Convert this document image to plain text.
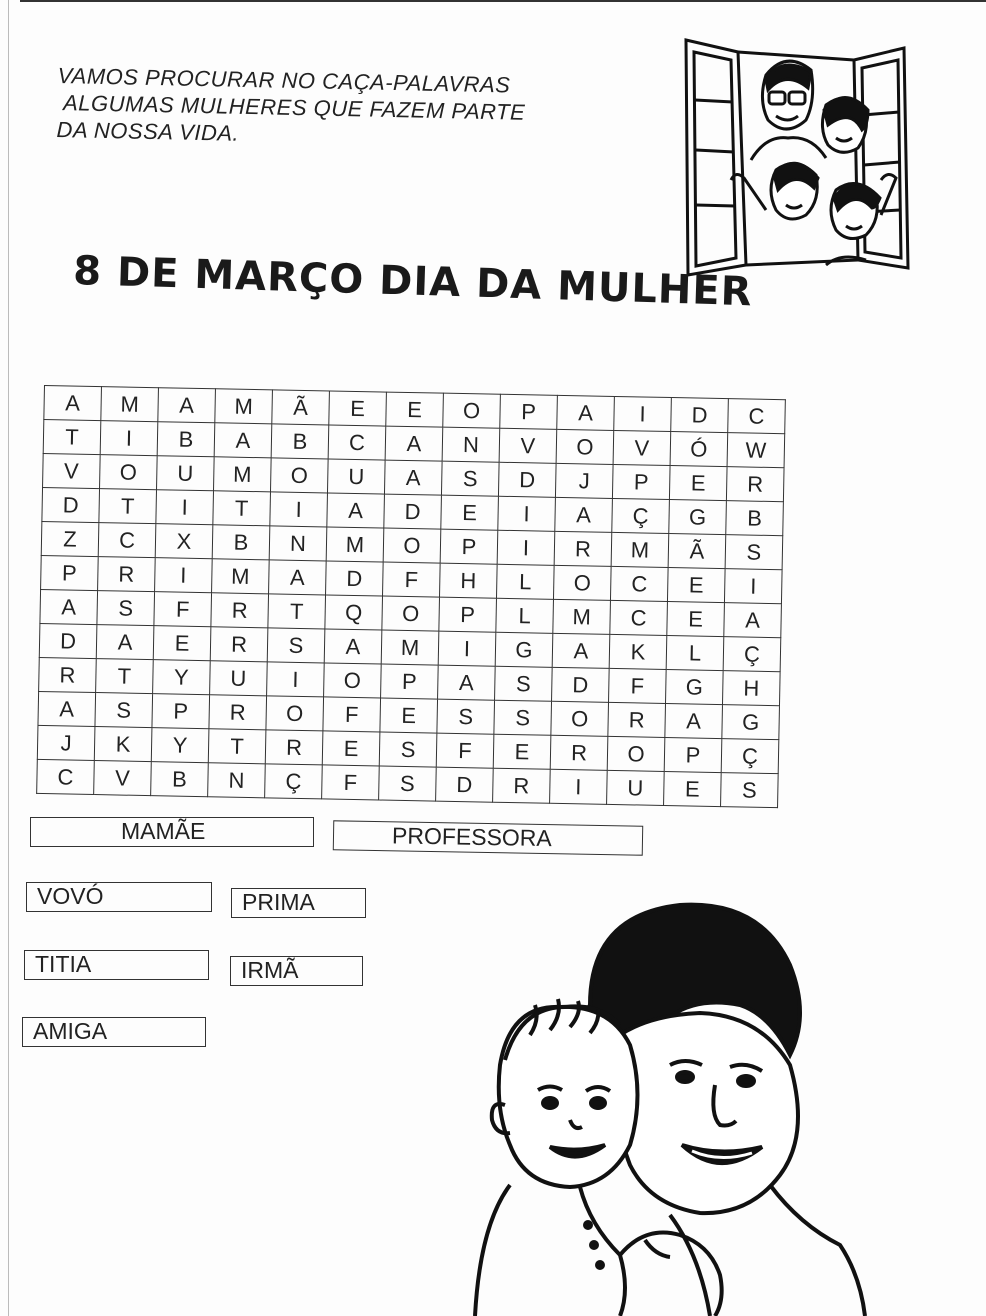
VAMOS PROCURAR NO CAÇA-PALAVRAS
ALGUMAS MULHERES QUE FAZEM PARTE
DA NOSSA VIDA.
8 DE MARÇO DIA DA MULHER
A	M	A	M	Ã	E	E	O	P	A	I	D	C
T	I	B	A	B	C	A	N	V	O	V	Ó	W
V	O	U	M	O	U	A	S	D	J	P	E	R
D	T	I	T	I	A	D	E	I	A	Ç	G	B
Z	C	X	B	N	M	O	P	I	R	M	Ã	S
P	R	I	M	A	D	F	H	L	O	C	E	I
A	S	F	R	T	Q	O	P	L	M	C	E	A
D	A	E	R	S	A	M	I	G	A	K	L	Ç
R	T	Y	U	I	O	P	A	S	D	F	G	H
A	S	P	R	O	F	E	S	S	O	R	A	G
J	K	Y	T	R	E	S	F	E	R	O	P	Ç
C	V	B	N	Ç	F	S	D	R	I	U	E	S
MAMÃE	PROFESSORA
VOVÓ	PRIMA
TITIA	IRMÃ
AMIGA
